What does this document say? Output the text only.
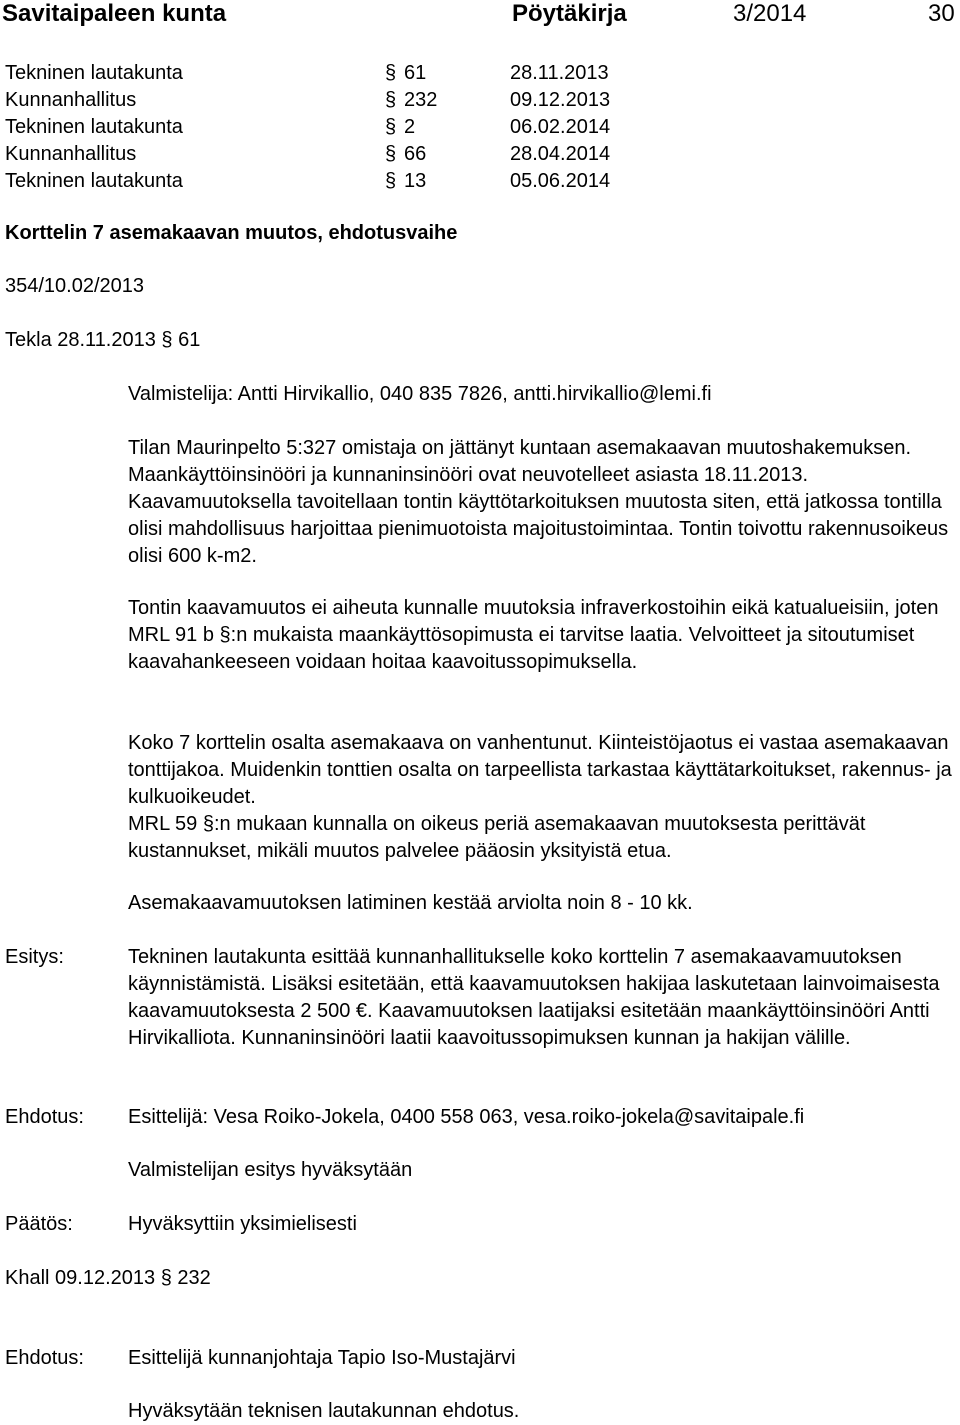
Savitaipaleen kunta	Pöytäkirja	3/2014	30
Tekninen lautakunta	§ 61	28.11.2013
Kunnanhallitus	§ 232	09.12.2013
Tekninen lautakunta	§ 2	06.02.2014
Kunnanhallitus	§ 66	28.04.2014
Tekninen lautakunta	§ 13	05.06.2014
Korttelin 7 asemakaavan muutos, ehdotusvaihe
354/10.02/2013
Tekla 28.11.2013 § 61
Valmistelija: Antti Hirvikallio, 040 835 7826, antti.hirvikallio@lemi.fi

Tilan Maurinpelto 5:327 omistaja on jättänyt kuntaan asemakaavan muutoshakemuksen. Maankäyttöinsinööri ja kunnaninsinööri ovat neuvotelleet asiasta 18.11.2013. Kaavamuutoksella tavoitellaan tontin käyttötarkoituksen muutosta siten, että jatkossa tontilla olisi mahdollisuus harjoittaa pienimuotoista majoitustoimintaa. Tontin toivottu rakennusoikeus olisi 600 k-m2.

Tontin kaavamuutos ei aiheuta kunnalle muutoksia infraverkostoihin eikä katualueisiin, joten MRL 91 b §:n mukaista maankäyttösopimusta ei tarvitse laatia. Velvoitteet ja sitoutumiset kaavahankeeseen voidaan hoitaa kaavoitussopimuksella.

Koko 7 korttelin osalta asemakaava on vanhentunut. Kiinteistöjaotus ei vastaa asemakaavan tonttijakoa. Muidenkin tonttien osalta on tarpeellista tarkastaa käyttätarkoitukset, rakennus- ja kulkuoikeudet.

MRL 59 §:n mukaan kunnalla on oikeus periä asemakaavan muutoksesta perittävät kustannukset, mikäli muutos palvelee pääosin yksityistä etua.

Asemakaavamuutoksen latiminen kestää arviolta noin 8 - 10 kk.
Esitys:	Tekninen lautakunta esittää kunnanhallitukselle koko korttelin 7 asemakaavamuutoksen käynnistämistä. Lisäksi esitetään, että kaavamuutoksen hakijaa laskutetaan lainvoimaisesta kaavamuutoksesta 2 500 €. Kaavamuutoksen laatijaksi esitetään maankäyttöinsinööri Antti Hirvikalliota. Kunnaninsinööri laatii kaavoitussopimuksen kunnan ja hakijan välille.

Ehdotus: Esittelijä: Vesa Roiko-Jokela, 0400 558 063, vesa.roiko-jokela@savitaipale.fi
Valmistelijan esitys hyväksytään
Päätös:	Hyväksyttiin yksimielisesti
Khall 09.12.2013 § 232
Ehdotus: Esittelijä kunnanjohtaja Tapio Iso-Mustajärvi
Hyväksytään teknisen lautakunnan ehdotus.
